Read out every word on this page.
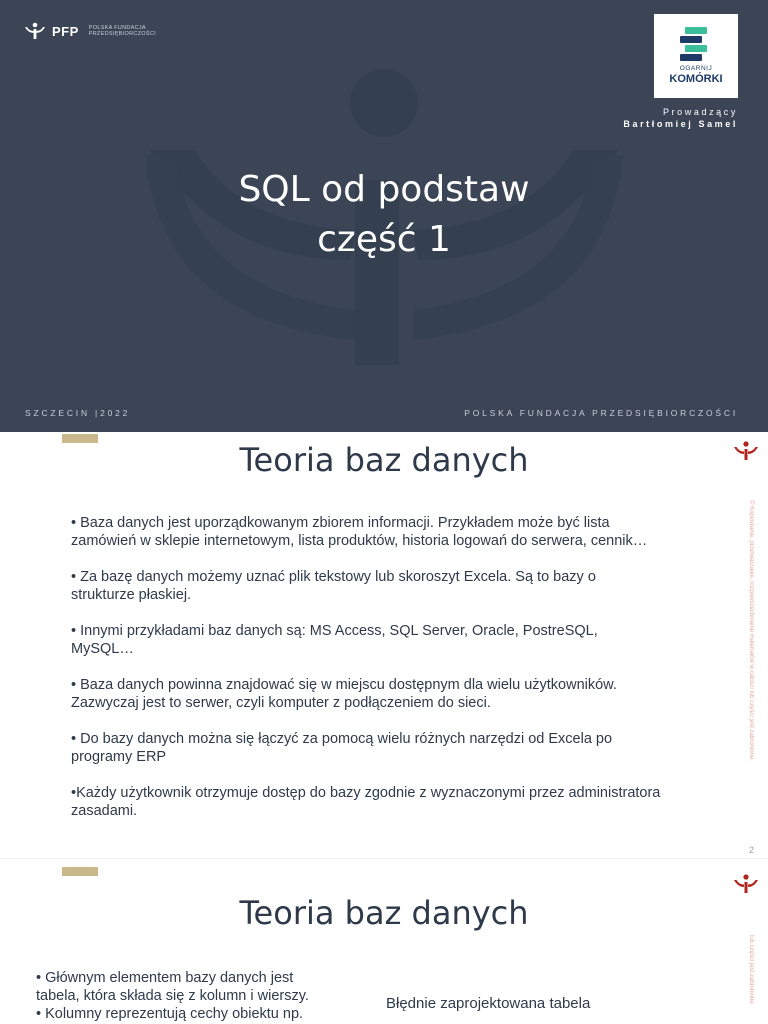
PFP POLSKA FUNDACJA
PRZEDSIĘBIORCZOŚCI
OGARNIJ
KOMÓRKI
Prowadzący
Bartłomiej Samel
SQL od podstaw
część 1
SZCZECIN |2022	POLSKA FUNDACJA PRZEDSIĘBIORCZOŚCI
Teoria baz danych
© Kopiowanie, przetwarzanie, rozpowszechnianie materiałów w całości lub części jest zabronione.

• Baza danych jest uporządkowanym zbiorem informacji. Przykładem może być lista zamówień w sklepie internetowym, lista produktów, historia logowań do serwera, cennik…

• Za bazę danych możemy uznać plik tekstowy lub skoroszyt Excela. Są to bazy o strukturze płaskiej.

• Innymi przykładami baz danych są: MS Access, SQL Server, Oracle, PostreSQL, MySQL…

• Baza danych powinna znajdować się w miejscu dostępnym dla wielu użytkowników. Zazwyczaj jest to serwer, czyli komputer z podłączeniem do sieci.

• Do bazy danych można się łączyć za pomocą wielu różnych narzędzi od Excela po programy ERP

•Każdy użytkownik otrzymuje dostęp do bazy zgodnie z wyznaczonymi przez administratora zasadami.

2
Teoria baz danych
lub części jest zabronione.

• Głównym elementem bazy danych jest tabela, która składa się z kolumn i wierszy.

• Kolumny reprezentują cechy obiektu np.

Błędnie zaprojektowana tabela
